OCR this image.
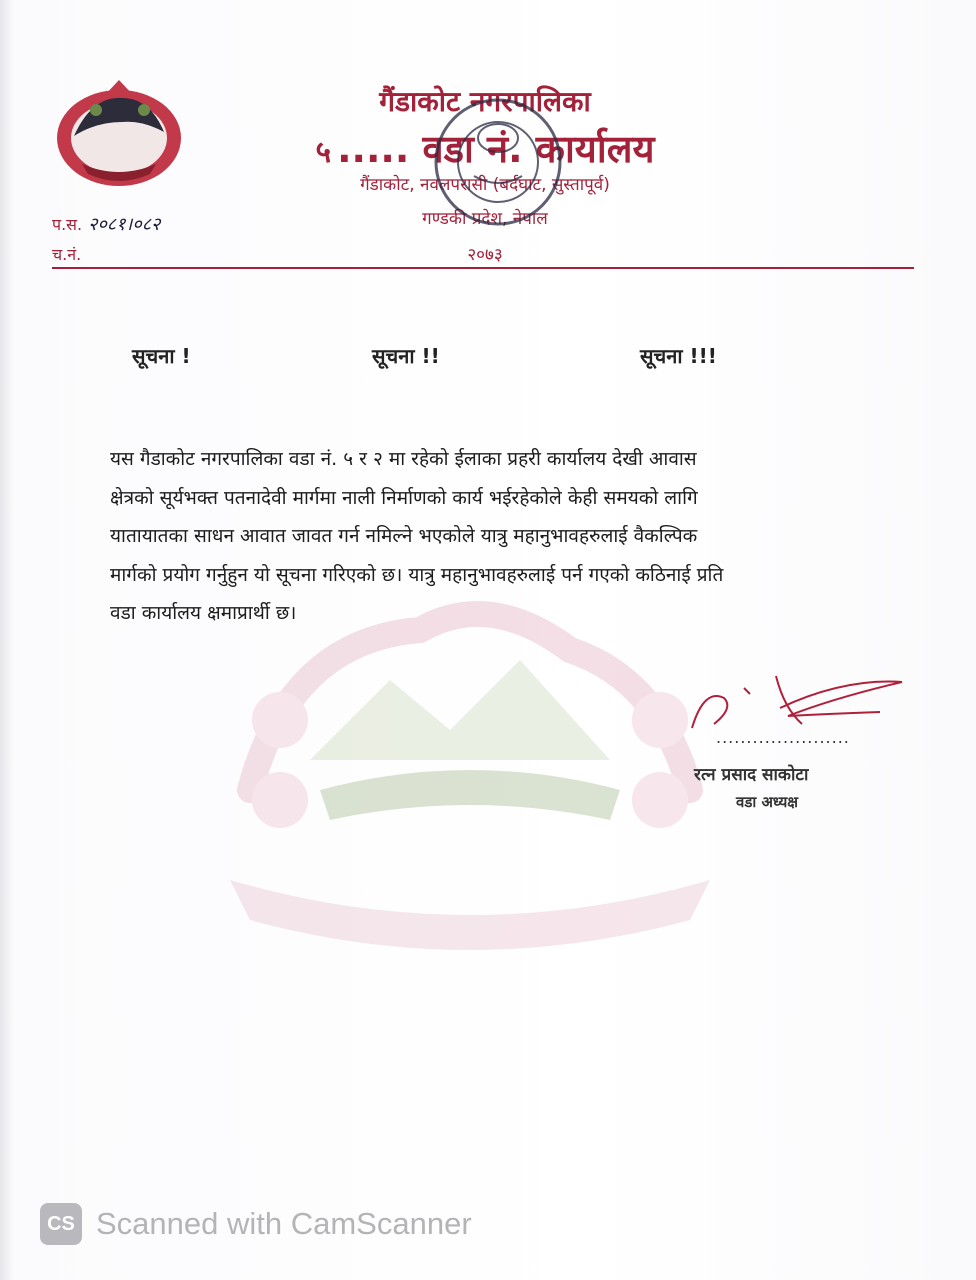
गैंडाकोट नगरपालिका
५ ..... वडा नं. कार्यालय
गैंडाकोट, नवलपरासी (बर्दघाट, सुस्तापूर्व)
गण्डकी प्रदेश, नेपाल
२०७३
प.स. २०८१।०८२
च.नं.
सूचना !	सूचना !!	सूचना !!!
यस गैडाकोट नगरपालिका वडा नं. ५ र २ मा रहेको ईलाका प्रहरी कार्यालय देखी आवास
क्षेत्रको सूर्यभक्त पतनादेवी मार्गमा नाली निर्माणको कार्य भईरहेकोले केही समयको लागि
यातायातका साधन आवात जावत गर्न नमिल्ने भएकोले यात्रु महानुभावहरुलाई वैकल्पिक
मार्गको प्रयोग गर्नुहुन यो सूचना गरिएको छ। यात्रु महानुभावहरुलाई पर्न गएको कठिनाई प्रति
वडा कार्यालय क्षमाप्रार्थी छ।
......................
रत्न प्रसाद साकोटा
वडा अध्यक्ष
CS Scanned with CamScanner
